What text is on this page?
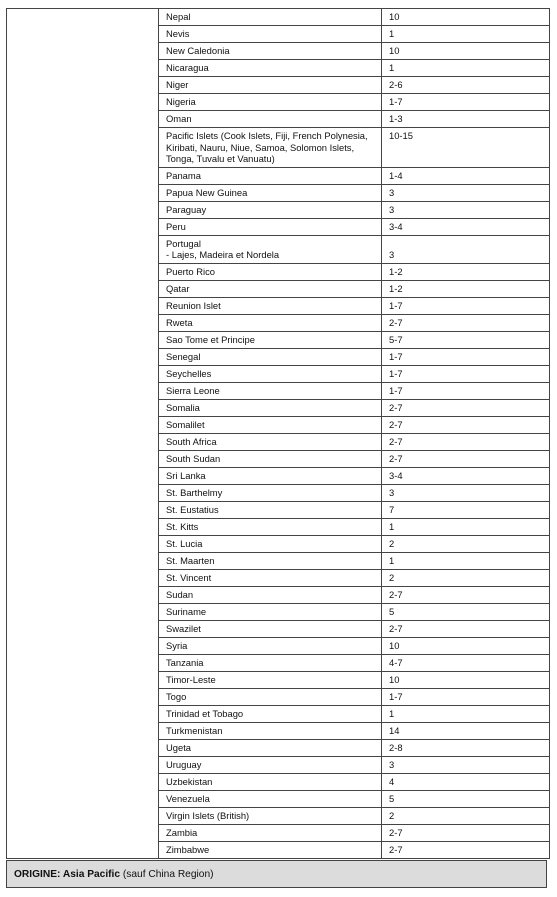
	Nepal	10
	Nevis	1
	New Caledonia	10
	Nicaragua	1
	Niger	2-6
	Nigeria	1-7
	Oman	1-3
	Pacific Islets (Cook Islets, Fiji, French Polynesia, Kiribati, Nauru, Niue, Samoa, Solomon Islets, Tonga, Tuvalu et Vanuatu)	10-15
	Panama	1-4
	Papua New Guinea	3
	Paraguay	3
	Peru	3-4
	Portugal
- Lajes, Madeira et Nordela	3
	Puerto Rico	1-2
	Qatar	1-2
	Reunion Islet	1-7
	Rweta	2-7
	Sao Tome et Principe	5-7
	Senegal	1-7
	Seychelles	1-7
	Sierra Leone	1-7
	Somalia	2-7
	Somalilet	2-7
	South Africa	2-7
	South Sudan	2-7
	Sri Lanka	3-4
	St. Barthelmy	3
	St. Eustatius	7
	St. Kitts	1
	St. Lucia	2
	St. Maarten	1
	St. Vincent	2
	Sudan	2-7
	Suriname	5
	Swazilet	2-7
	Syria	10
	Tanzania	4-7
	Timor-Leste	10
	Togo	1-7
	Trinidad et Tobago	1
	Turkmenistan	14
	Ugeta	2-8
	Uruguay	3
	Uzbekistan	4
	Venezuela	5
	Virgin Islets (British)	2
	Zambia	2-7
	Zimbabwe	2-7
ORIGINE: Asia Pacific (sauf China Region)
